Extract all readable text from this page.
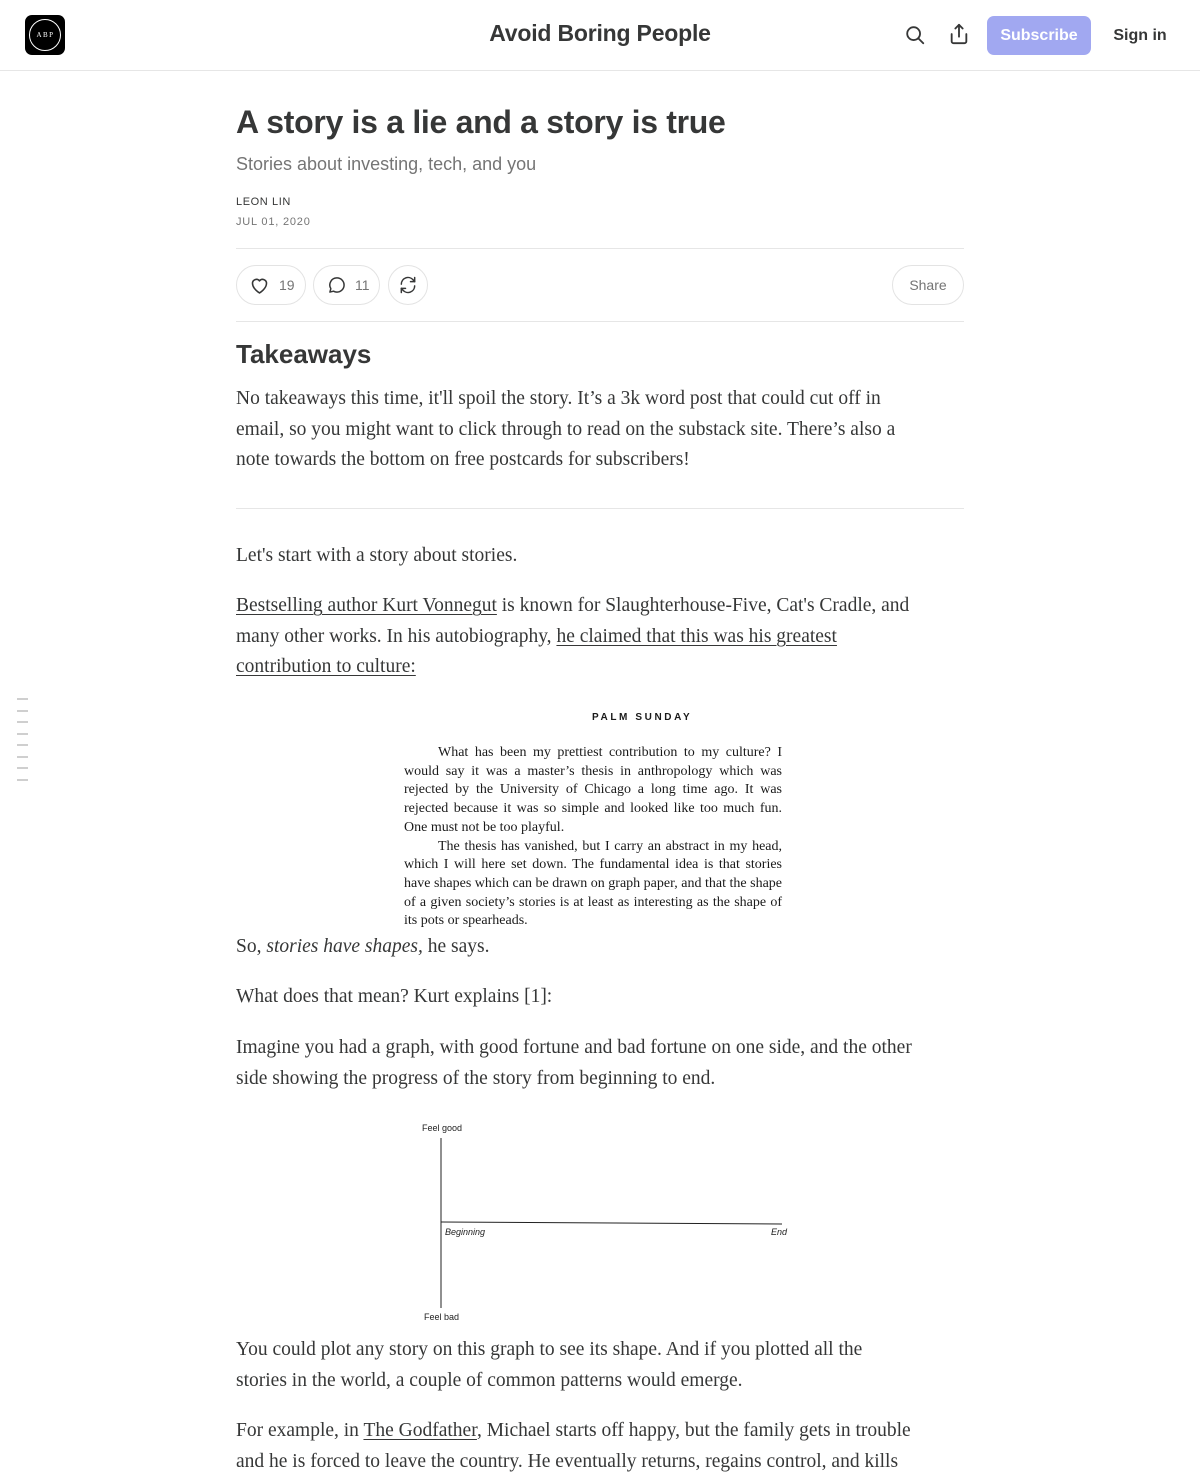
ABP	Avoid Boring People	Subscribe	Sign in
A story is a lie and a story is true
Stories about investing, tech, and you
LEON LIN
JUL 01, 2020
19	11	Share
Takeaways
No takeaways this time, it'll spoil the story. It’s a 3k word post that could cut off in
email, so you might want to click through to read on the substack site. There’s also a
note towards the bottom on free postcards for subscribers!
Let's start with a story about stories.
Bestselling author Kurt Vonnegut is known for Slaughterhouse-Five, Cat's Cradle, and
many other works. In his autobiography, he claimed that this was his greatest
contribution to culture:
PALM SUNDAY

What has been my prettiest contribution to my culture? I would say it was a master’s thesis in anthropology which was rejected by the University of Chicago a long time ago. It was rejected because it was so simple and looked like too much fun. One must not be too playful.

The thesis has vanished, but I carry an abstract in my head, which I will here set down. The fundamental idea is that stories have shapes which can be drawn on graph paper, and that the shape of a given society’s stories is at least as interesting as the shape of its pots or spearheads.

So, stories have shapes, he says.
What does that mean? Kurt explains [1]:
Imagine you had a graph, with good fortune and bad fortune on one side, and the other
side showing the progress of the story from beginning to end.
You could plot any story on this graph to see its shape. And if you plotted all the
stories in the world, a couple of common patterns would emerge.
For example, in The Godfather, Michael starts off happy, but the family gets in trouble
and he is forced to leave the country. He eventually returns, regains control, and kills
Feel good
Feel bad
Beginning	End
